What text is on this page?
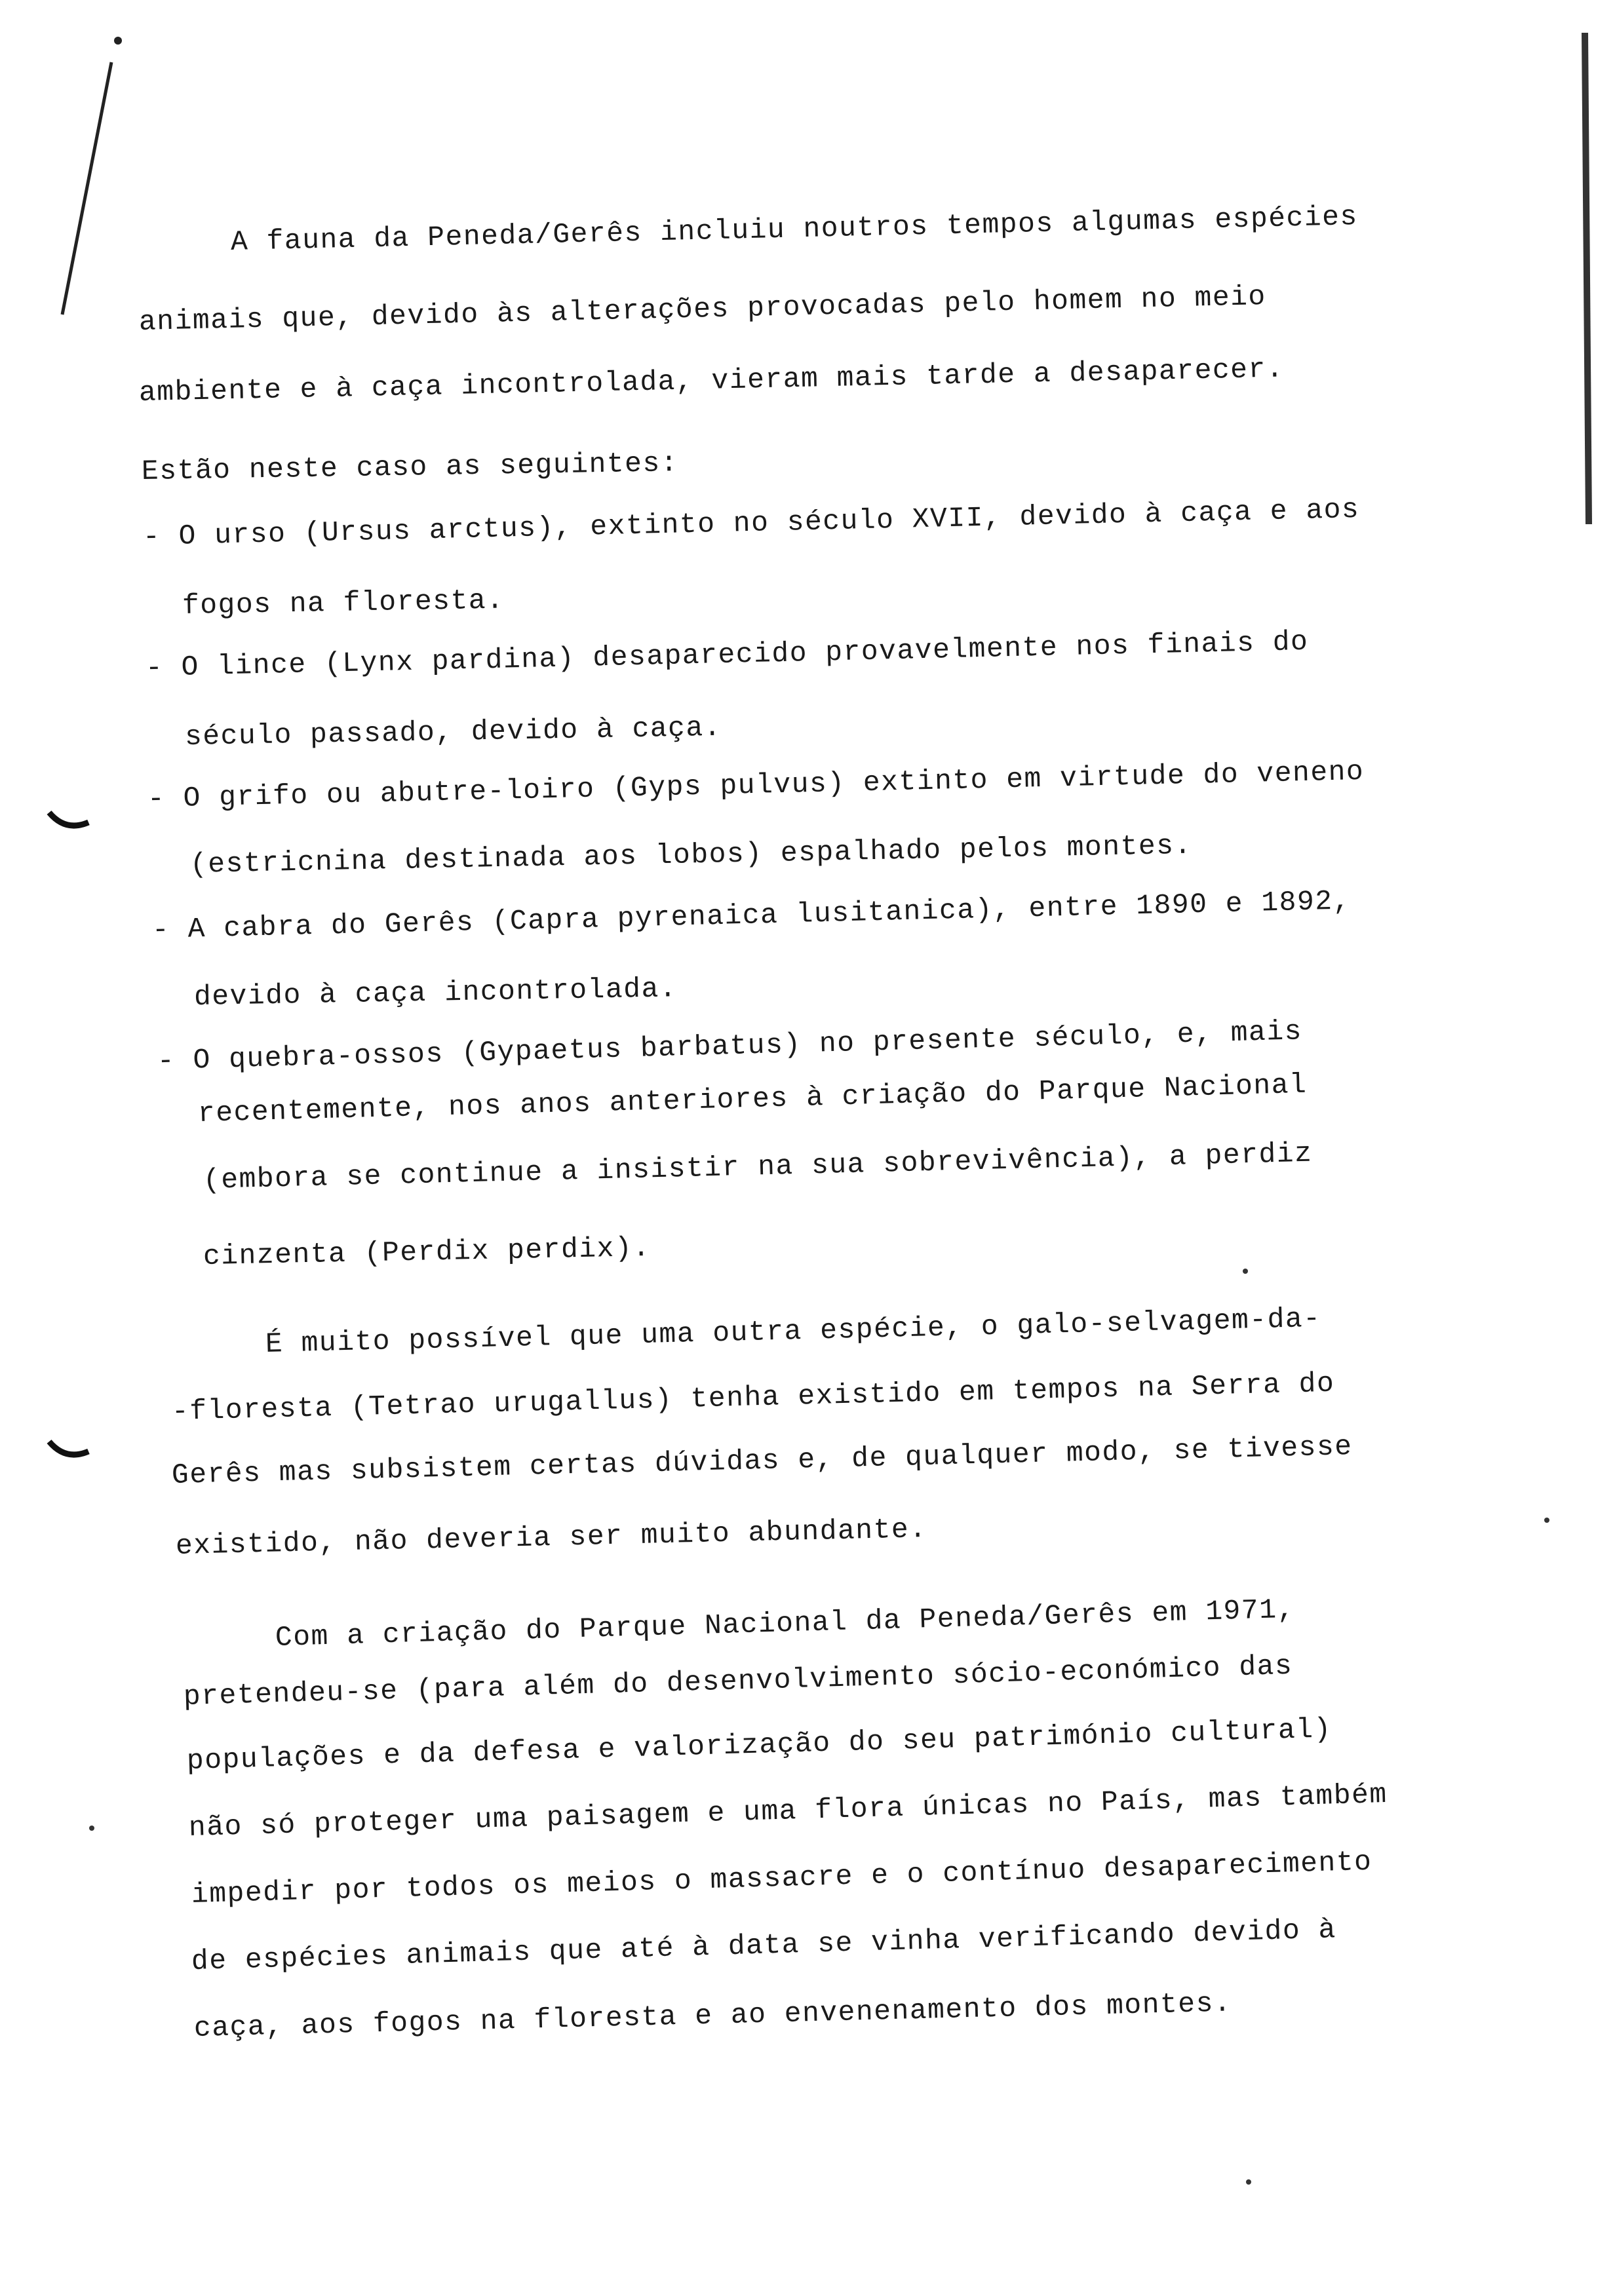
A fauna da Peneda/Gerês incluiu noutros tempos algumas espécies
animais que, devido às alterações provocadas pelo homem no meio
ambiente e à caça incontrolada, vieram mais tarde a desaparecer.
Estão neste caso as seguintes:
- O urso (Ursus arctus), extinto no século XVII, devido à caça e aos
fogos na floresta.
- O lince (Lynx pardina) desaparecido provavelmente nos finais do
século passado, devido à caça.
- O grifo ou abutre-loiro (Gyps pulvus) extinto em virtude do veneno
(estricnina destinada aos lobos) espalhado pelos montes.
- A cabra do Gerês (Capra pyrenaica lusitanica), entre 1890 e 1892,
devido à caça incontrolada.
- O quebra-ossos (Gypaetus barbatus) no presente século, e, mais
recentemente, nos anos anteriores à criação do Parque Nacional
(embora se continue a insistir na sua sobrevivência), a perdiz
cinzenta (Perdix perdix).
É muito possível que uma outra espécie, o galo-selvagem-da-
-floresta (Tetrao urugallus) tenha existido em tempos na Serra do
Gerês mas subsistem certas dúvidas e, de qualquer modo, se tivesse
existido, não deveria ser muito abundante.
Com a criação do Parque Nacional da Peneda/Gerês em 1971,
pretendeu-se (para além do desenvolvimento sócio-económico das
populações e da defesa e valorização do seu património cultural)
não só proteger uma paisagem e uma flora únicas no País, mas também
impedir por todos os meios o massacre e o contínuo desaparecimento
de espécies animais que até à data se vinha verificando devido à
caça, aos fogos na floresta e ao envenenamento dos montes.
